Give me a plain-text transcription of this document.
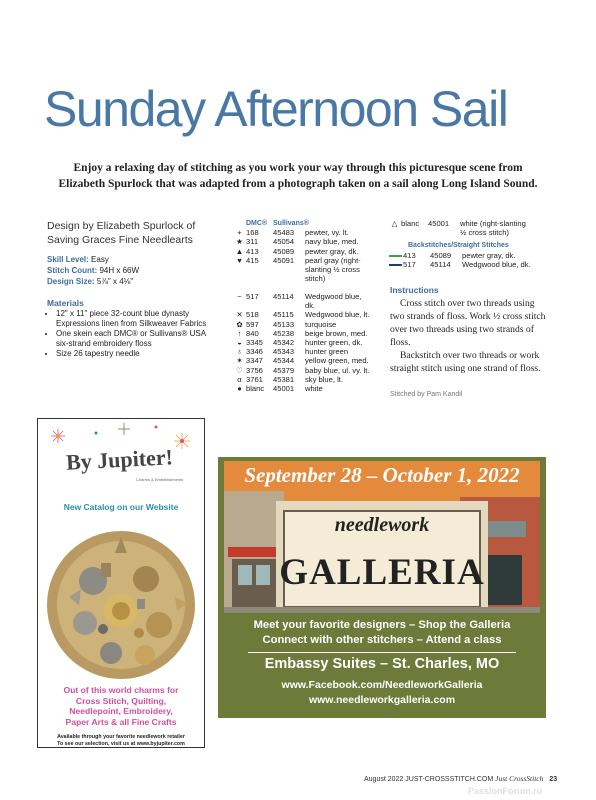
Sunday Afternoon Sail
Enjoy a relaxing day of stitching as you work your way through this picturesque scene from
Elizabeth Spurlock that was adapted from a photograph taken on a sail along Long Island Sound.
Design by Elizabeth Spurlock of
Saving Graces Fine Needlearts
Skill Level: Easy
Stitch Count: 94H x 66W
Design Size: 5⅞" x 4⅛"
Materials
• 12" x 11" piece 32-count blue dynasty Expressions linen from Silkweaver Fabrics
• One skein each DMC® or Sullivans® USA six-strand embroidery floss
• Size 26 tapestry needle
DMC® Sullivans®
+ 168	45483	pewter, vy. lt.
★ 311	45054	navy blue, med.
▲ 413	45089	pewter gray, dk.
♥ 415	45091	pearl gray (right-
slanting ½ cross
stitch)
− 517	45114	Wedgwood blue, dk.
✕ 518	45115	Wedgwood blue, lt.
✿ 597	45133	turquoise
↑ 840	45238	beige brown, med.
◒ 3345	45342	hunter green, dk.
♁ 3346	45343	hunter green
✶ 3347	45344	yellow green, med.
♡ 3756	45379	baby blue, ul. vy. lt.
α 3761	45381	sky blue, lt.
● blanc	45001	white
△ blanc	45001	white (right-slanting
½ cross stitch)
Backstitches/Straight Stitches
413	45089	pewter gray, dk.
517	45114	Wedgwood blue, dk.
Instructions

Cross stitch over two threads using two strands of floss. Work ½ cross stitch over two threads using two strands of floss.

Backstitch over two threads or work straight stitch using one strand of floss.

Stitched by Pam Kandil
By Jupiter!
Charms & Embellishments
New Catalog on our Website
Out of this world charms for
Cross Stitch, Quilting,
Needlepoint, Embroidery,
Paper Arts & all Fine Crafts
Available through your favorite needlework retailer
To see our selection, visit us at www.byjupiter.com
September 28 – October 1, 2022
needlework
GALLERIA
Meet your favorite designers – Shop the Galleria
Connect with other stitchers – Attend a class
Embassy Suites – St. Charles, MO
www.Facebook.com/NeedleworkGalleria
www.needleworkgalleria.com
August 2022 JUST-CROSSSTITCH.COM Just CrossStitch 23
PassionForum.ru
